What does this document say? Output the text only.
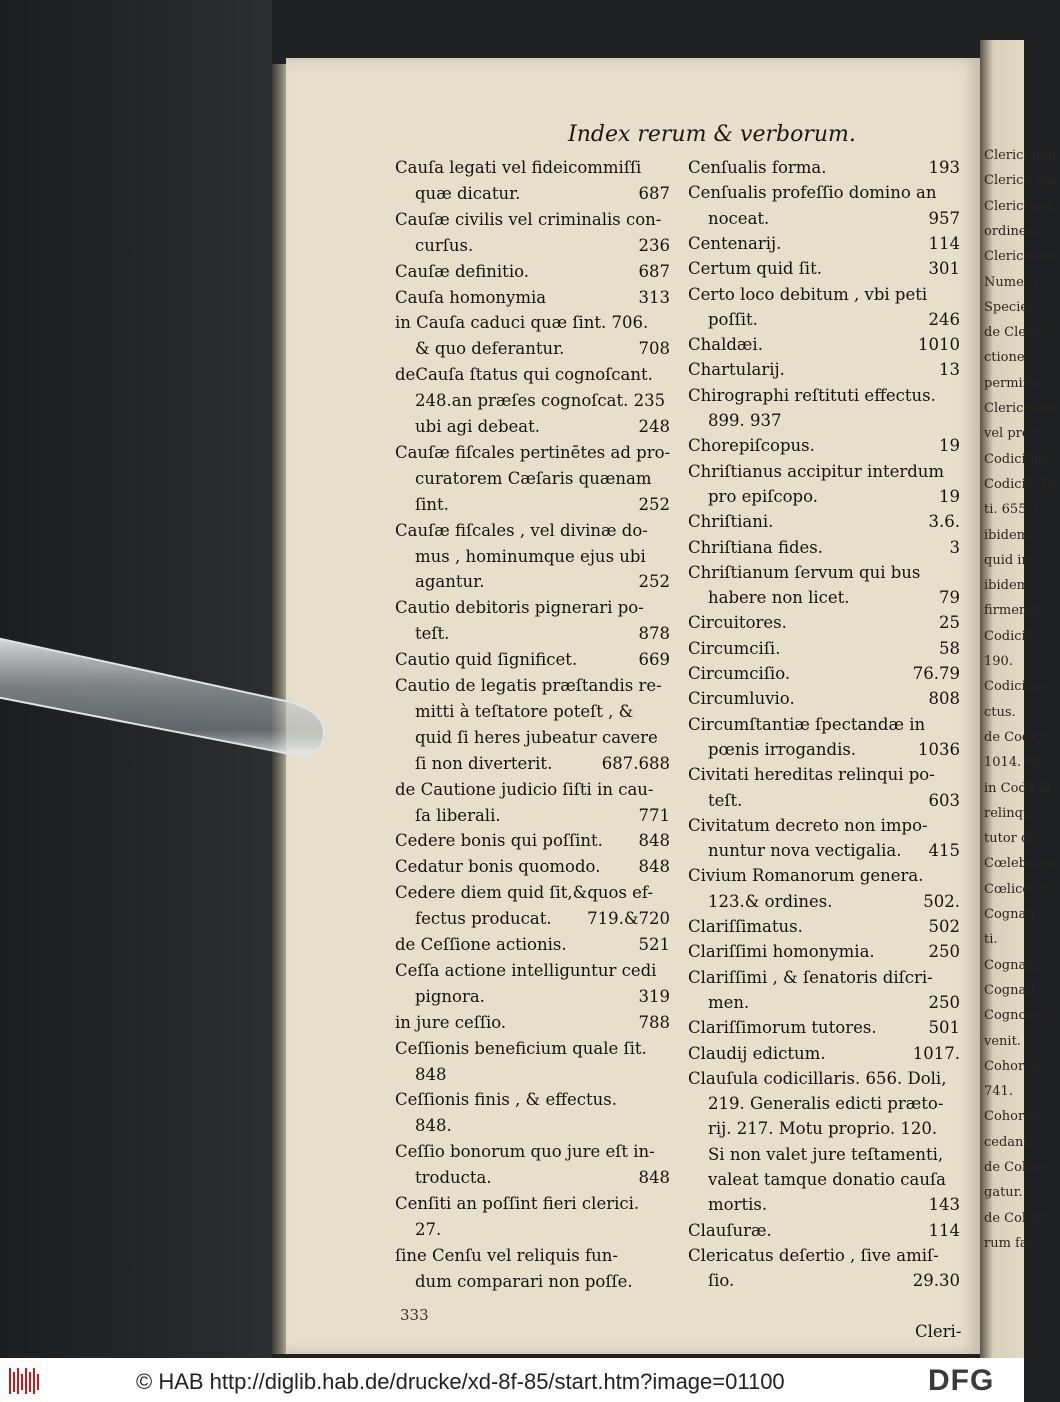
Clerici hon
Clerico qui
Clerici qui
ordinent
Clericorun
Numeru
Species,
de Clerico
ctione, 2
permiſſis
Clericis cor
vel prob
Codicillus.
Codicilli fu
ti. 655. a
ibidem.
quid in
ibidem.
firmentu
Codicilli
190.
Codicillor
ctus.
de Codicil
1014. Fal
in Codicill
relinqu
tutor de
Cœlebs qu
Cœlicolæ
Cognati j
ti.
Cognatio
Cognati
Cognom
venit.
Cohortal
741.
Cohortal
cedant.
de Cohor
gatur.
de Collati
rum fac
Index rerum & verborum.
Cauſa legati vel fideicommiſſi
quæ dicatur.	687
Cauſæ civilis vel criminalis con-
curſus.	236
Cauſæ definitio.	687
Cauſa homonymia	313
in Cauſa caduci quæ ſint. 706.
& quo deferantur.	708
deCauſa ſtatus qui cognoſcant.
248.an præſes cognoſcat. 235
ubi agi debeat.	248
Cauſæ fiſcales pertinētes ad pro-
curatorem Cæſaris quænam
ſint.	252
Cauſæ fiſcales , vel divinæ do-
mus , hominumque ejus ubi
agantur.	252
Cautio debitoris pignerari po-
teſt.	878
Cautio quid ſignificet.	669
Cautio de legatis præſtandis re-
mitti à teſtatore poteſt , &
quid ſi heres jubeatur cavere
ſi non diverterit.	687.688
de Cautione judicio ſiſti in cau-
ſa liberali.	771
Cedere bonis qui poſſint. 848
Cedatur bonis quomodo. 848
Cedere diem quid ſit,&quos ef-
fectus producat. 719.&720
de Ceſſione actionis.	521
Ceſſa actione intelliguntur cedi
pignora.	319
in jure ceſſio.	788
Ceſſionis beneficium quale ſit.
848
Ceſſionis finis , & effectus.
848.
Ceſſio bonorum quo jure eſt in-
troducta.	848
Cenſiti an poſſint fieri clerici.
27.
ſine Cenſu vel reliquis fun-
dum comparari non poſſe.
Cenſualis forma.	193
Cenſualis profeſſio domino an
noceat.	957
Centenarij.	114
Certum quid ſit.	301
Certo loco debitum , vbi peti
poſſit.	246
Chaldæi.	1010
Chartularij.	13
Chirographi reſtituti effectus.
899. 937
Chorepiſcopus.	19
Chriſtianus accipitur interdum
pro epiſcopo.	19
Chriſtiani.	3.6.
Chriſtiana fides.	3
Chriſtianum ſervum qui bus
habere non licet.	79
Circuitores.	25
Circumciſi.	58
Circumciſio.	76.79
Circumluvio.	808
Circumſtantiæ ſpectandæ in
pœnis irrogandis.	1036
Civitati hereditas relinqui po-
teſt.	603
Civitatum decreto non impo-
nuntur nova vectigalia. 415
Civium Romanorum genera.
123.& ordines.	502.
Clariſſimatus.	502
Clariſſimi homonymia.	250
Clariſſimi , & ſenatoris diſcri-
men.	250
Clariſſimorum tutores.	501
Claudij edictum.	1017.
Clauſula codicillaris. 656. Doli,
219. Generalis edicti præto-
rij. 217. Motu proprio. 120.
Si non valet jure teſtamenti,
valeat tamque donatio cauſa
mortis.	143
Clauſuræ.	114
Clericatus deſertio , ſive amiſ-
ſio.	29.30
333
Cleri-
© HAB http://diglib.hab.de/drucke/xd-8f-85/start.htm?image=01100	DFG
